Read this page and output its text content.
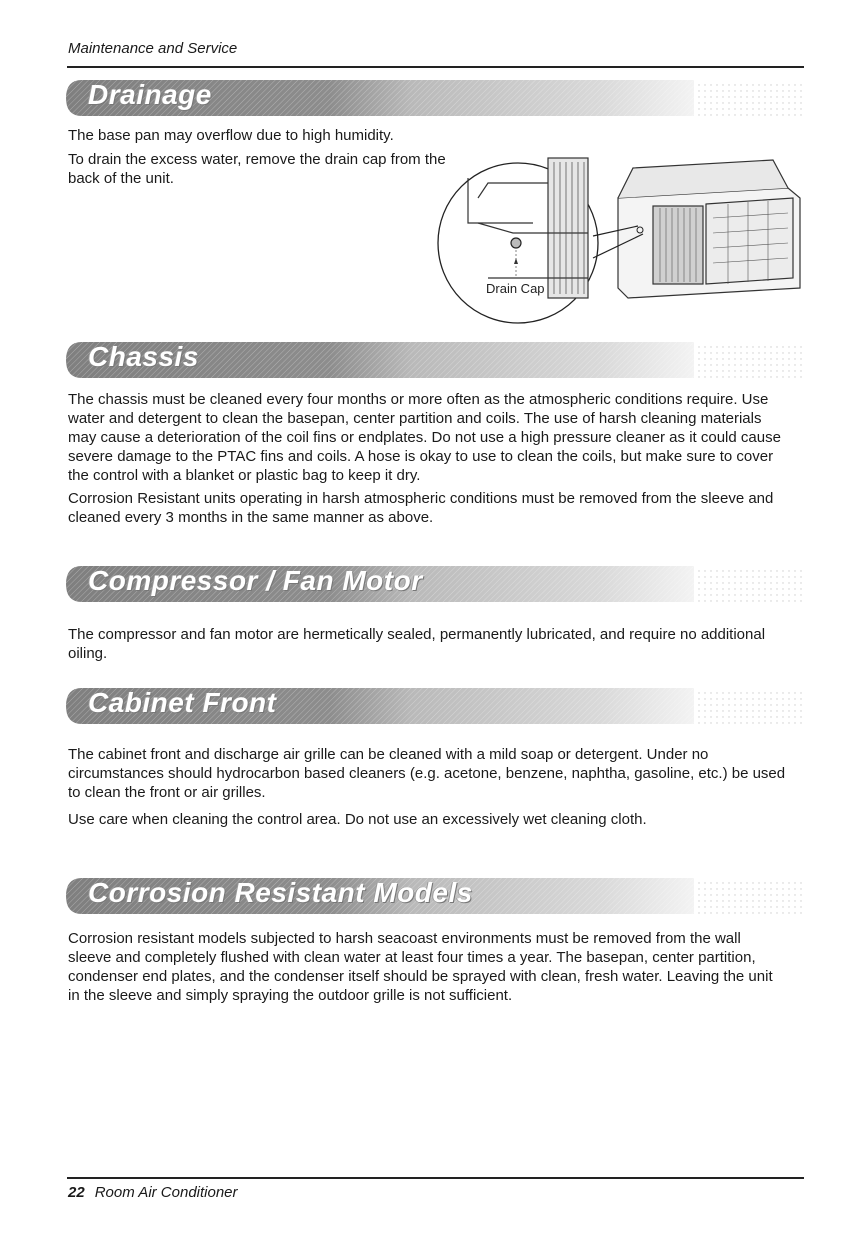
Maintenance and Service
Drainage

The base pan may overflow due to high humidity.

To drain the excess water, remove the drain cap from the back of the unit.

Drain Cap
Chassis

The chassis must be cleaned every four months or more often as the atmospheric conditions require. Use water and detergent to clean the basepan, center partition and coils. The use of harsh cleaning materials may cause a deterioration of the coil fins or endplates. Do not use a high pressure cleaner as it could cause severe damage to the PTAC fins and coils. A hose is okay to use to clean the coils, but make sure to cover the control with a blanket or plastic bag to keep it dry.

Corrosion Resistant units operating in harsh atmospheric conditions must be removed from the sleeve and cleaned every 3 months in the same manner as above.

Compressor / Fan Motor

The compressor and fan motor are hermetically sealed, permanently lubricated, and require no additional oiling.

Cabinet Front

The cabinet front and discharge air grille can be cleaned with a mild soap or detergent. Under no circumstances should hydrocarbon based cleaners (e.g. acetone, benzene, naphtha, gasoline, etc.) be used to clean the front or air grilles.

Use care when cleaning the control area. Do not use an excessively wet cleaning cloth.

Corrosion Resistant Models

Corrosion resistant models subjected to harsh seacoast environments must be removed from the wall sleeve and completely flushed with clean water at least four times a year. The basepan, center partition, condenser end plates, and the condenser itself should be sprayed with clean, fresh water. Leaving the unit in the sleeve and simply spraying the outdoor grille is not sufficient.

22 Room Air Conditioner
